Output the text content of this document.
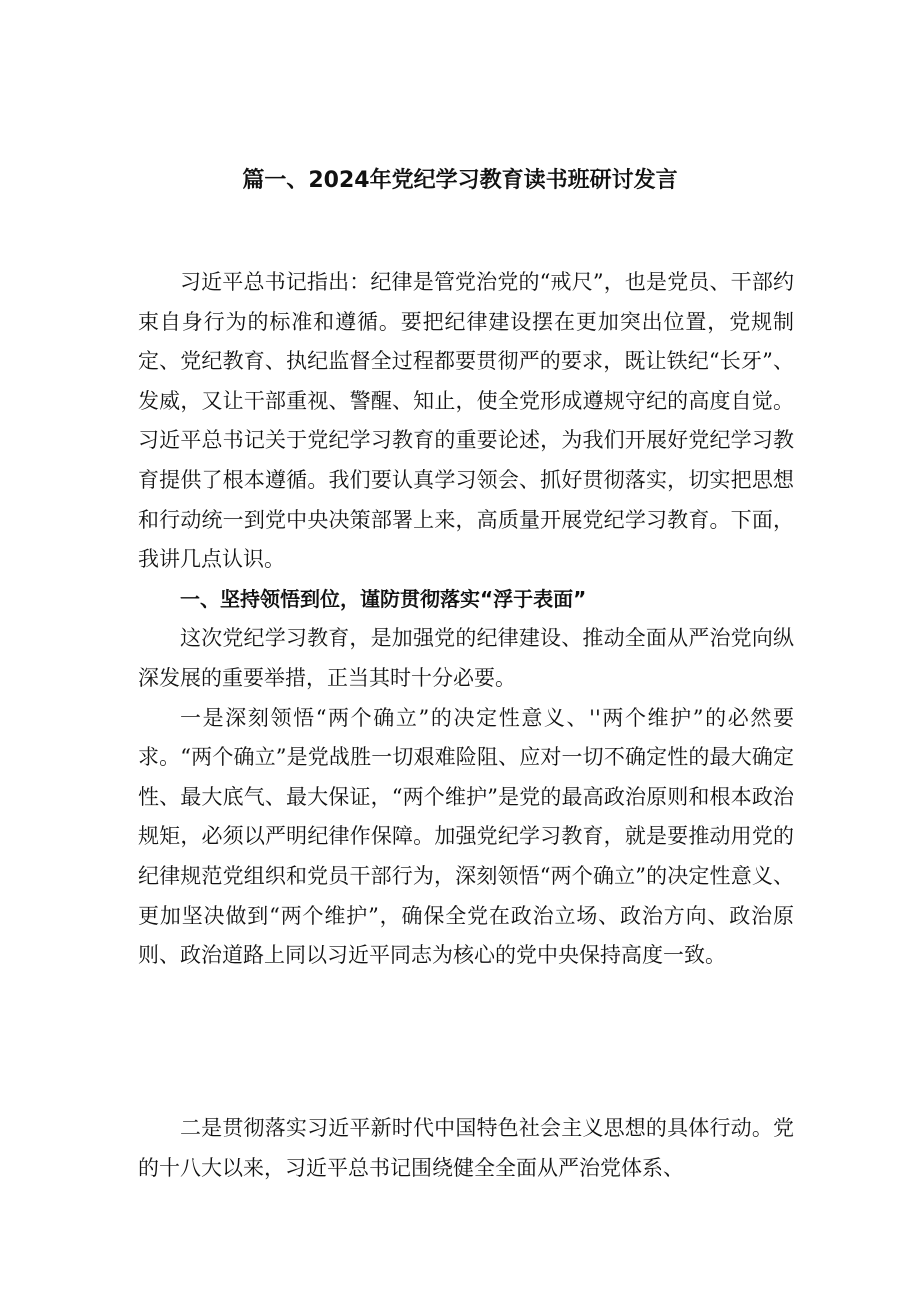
篇一、2024年党纪学习教育读书班研讨发言

习近平总书记指出：纪律是管党治党的“戒尺”，也是党员、干部约束自身行为的标准和遵循。要把纪律建设摆在更加突出位置，党规制定、党纪教育、执纪监督全过程都要贯彻严的要求，既让铁纪“长牙”、发威，又让干部重视、警醒、知止，使全党形成遵规守纪的高度自觉。习近平总书记关于党纪学习教育的重要论述，为我们开展好党纪学习教育提供了根本遵循。我们要认真学习领会、抓好贯彻落实，切实把思想和行动统一到党中央决策部署上来，高质量开展党纪学习教育。下面，我讲几点认识。

一、坚持领悟到位，谨防贯彻落实“浮于表面”

这次党纪学习教育，是加强党的纪律建设、推动全面从严治党向纵深发展的重要举措，正当其时十分必要。

一是深刻领悟“两个确立”的决定性意义、''两个维护”的必然要求。“两个确立”是党战胜一切艰难险阻、应对一切不确定性的最大确定性、最大底气、最大保证，“两个维护”是党的最高政治原则和根本政治规矩，必须以严明纪律作保障。加强党纪学习教育，就是要推动用党的纪律规范党组织和党员干部行为，深刻领悟“两个确立”的决定性意义、更加坚决做到“两个维护”，确保全党在政治立场、政治方向、政治原则、政治道路上同以习近平同志为核心的党中央保持高度一致。

二是贯彻落实习近平新时代中国特色社会主义思想的具体行动。党的十八大以来，习近平总书记围绕健全全面从严治党体系、
